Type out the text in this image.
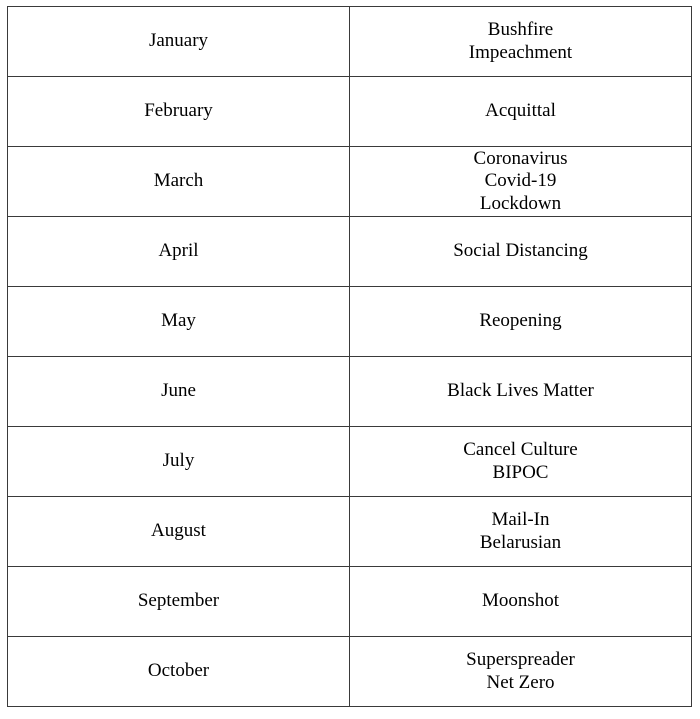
January	Bushfire
Impeachment

February	Acquittal

March	Coronavirus
Covid-19
Lockdown

April	Social Distancing

May	Reopening

June	Black Lives Matter

July	Cancel Culture
BIPOC

August	Mail-In
Belarusian

September	Moonshot

October	Superspreader
Net Zero
